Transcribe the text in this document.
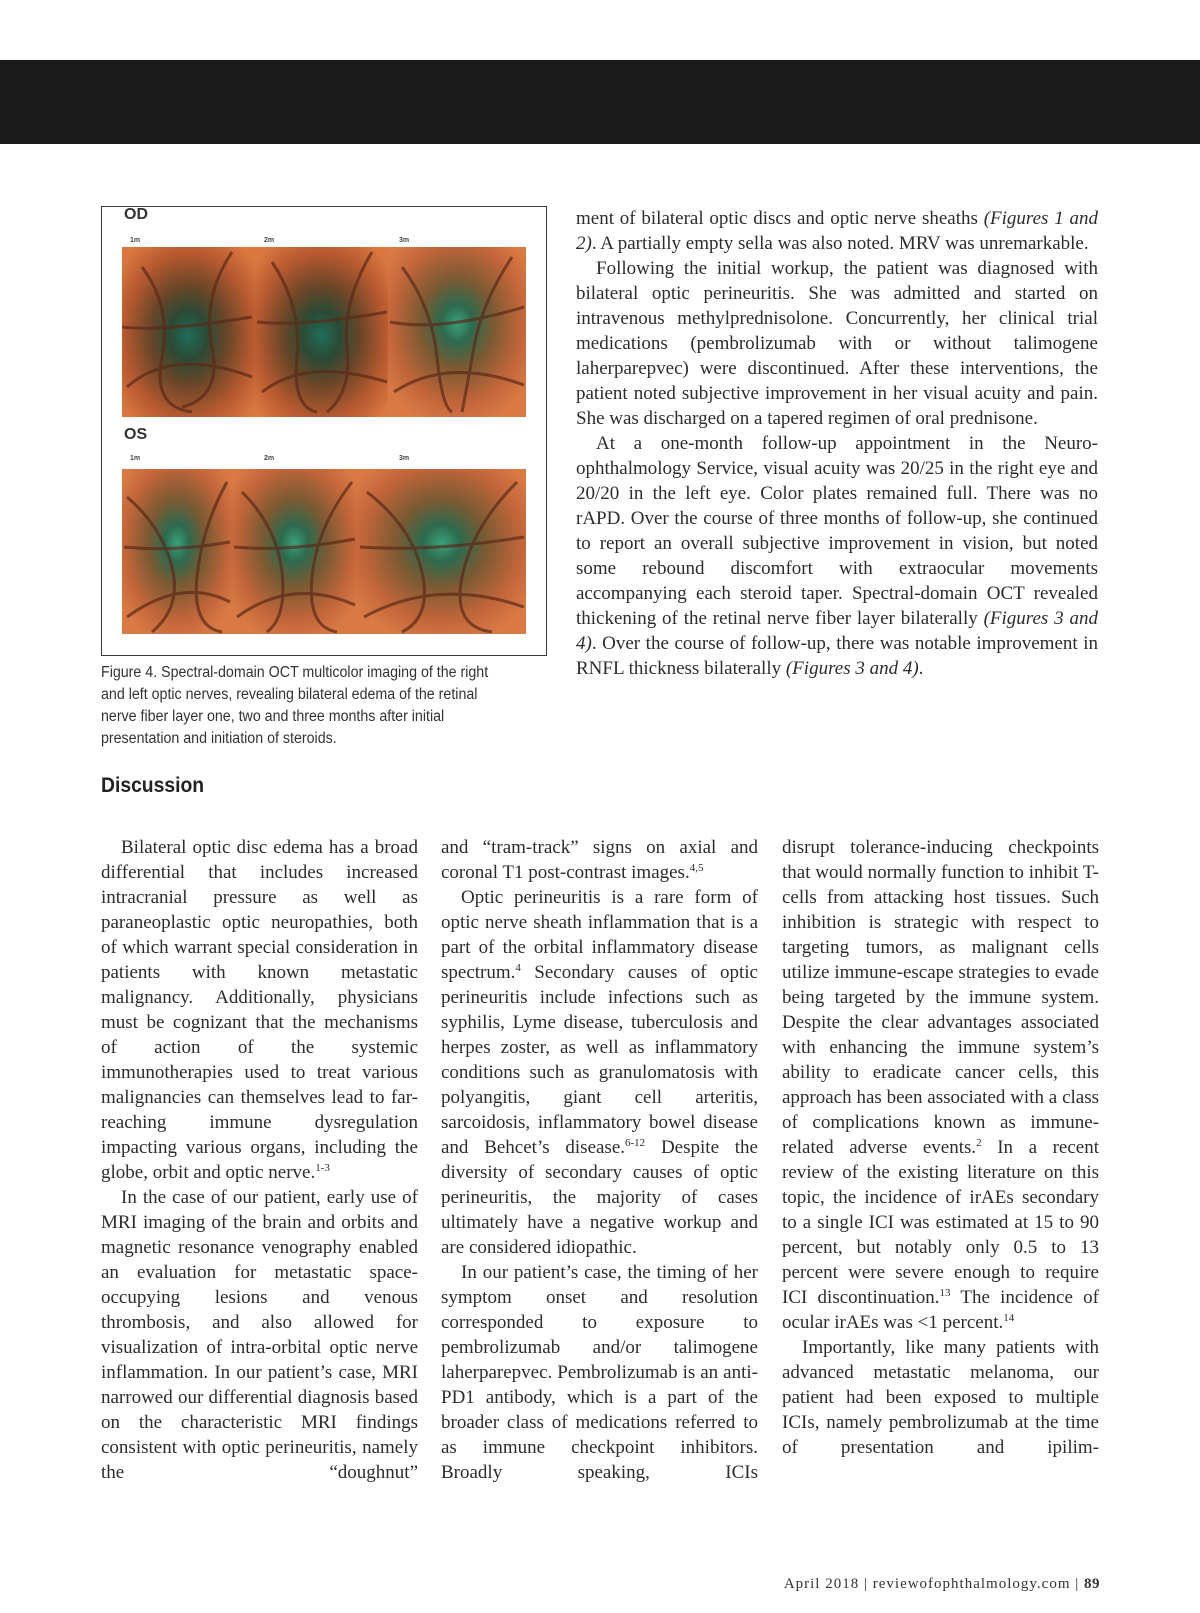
OD
1m	2m	3m
OS
1m	2m	3m
Figure 4. Spectral-domain OCT multicolor imaging of the right
and left optic nerves, revealing bilateral edema of the retinal
nerve fiber layer one, two and three months after initial
presentation and initiation of steroids.

ment of bilateral optic discs and optic nerve sheaths (Figures 1 and 2). A partially empty sella was also noted. MRV was unremarkable.

Following the initial workup, the patient was diagnosed with bilateral optic perineuritis. She was admitted and started on intravenous methylprednisolone. Concurrently, her clinical trial medications (pembrolizumab with or without talimogene laherparepvec) were discontinued. After these interventions, the patient noted subjective improvement in her visual acuity and pain. She was discharged on a tapered regimen of oral prednisone.

At a one-month follow-up appointment in the Neuro-ophthalmology Service, visual acuity was 20/25 in the right eye and 20/20 in the left eye. Color plates remained full. There was no rAPD. Over the course of three months of follow-up, she continued to report an overall subjective improvement in vision, but noted some rebound discomfort with extraocular movements accompanying each steroid taper. Spectral-domain OCT revealed thickening of the retinal nerve fiber layer bilaterally (Figures 3 and 4). Over the course of follow-up, there was notable improvement in RNFL thickness bilaterally (Figures 3 and 4).

Discussion

Bilateral optic disc edema has a broad differential that includes increased intracranial pressure as well as paraneoplastic optic neuropathies, both of which warrant special consideration in patients with known metastatic malignancy. Additionally, physicians must be cognizant that the mechanisms of action of the systemic immunotherapies used to treat various malignancies can themselves lead to far-reaching immune dysregulation impacting various organs, including the globe, orbit and optic nerve.$^{1-3}$

In the case of our patient, early use of MRI imaging of the brain and orbits and magnetic resonance venography enabled an evaluation for metastatic space-occupying lesions and venous thrombosis, and also allowed for visualization of intra-orbital optic nerve inflammation. In our patient’s case, MRI narrowed our differential diagnosis based on the characteristic MRI findings consistent with optic perineuritis, namely the “doughnut”

and “tram-track” signs on axial and coronal T1 post-contrast images.$^{4,5}$

Optic perineuritis is a rare form of optic nerve sheath inflammation that is a part of the orbital inflammatory disease spectrum.$^4$ Secondary causes of optic perineuritis include infections such as syphilis, Lyme disease, tuberculosis and herpes zoster, as well as inflammatory conditions such as granulomatosis with polyangitis, giant cell arteritis, sarcoidosis, inflammatory bowel disease and Behcet’s disease.$^{6-12}$ Despite the diversity of secondary causes of optic perineuritis, the majority of cases ultimately have a negative workup and are considered idiopathic.

In our patient’s case, the timing of her symptom onset and resolution corresponded to exposure to pembrolizumab and/or talimogene laherparepvec. Pembrolizumab is an anti-PD1 antibody, which is a part of the broader class of medications referred to as immune checkpoint inhibitors. Broadly speaking, ICIs

disrupt tolerance-inducing checkpoints that would normally function to inhibit T-cells from attacking host tissues. Such inhibition is strategic with respect to targeting tumors, as malignant cells utilize immune-escape strategies to evade being targeted by the immune system. Despite the clear advantages associated with enhancing the immune system’s ability to eradicate cancer cells, this approach has been associated with a class of complications known as immune-related adverse events.$^2$ In a recent review of the existing literature on this topic, the incidence of irAEs secondary to a single ICI was estimated at 15 to 90 percent, but notably only 0.5 to 13 percent were severe enough to require ICI discontinuation.$^{13}$ The incidence of ocular irAEs was <1 percent.$^{14}$

Importantly, like many patients with advanced metastatic melanoma, our patient had been exposed to multiple ICIs, namely pembrolizumab at the time of presentation and ipilim-

April 2018 | reviewofophthalmology.com | 89
